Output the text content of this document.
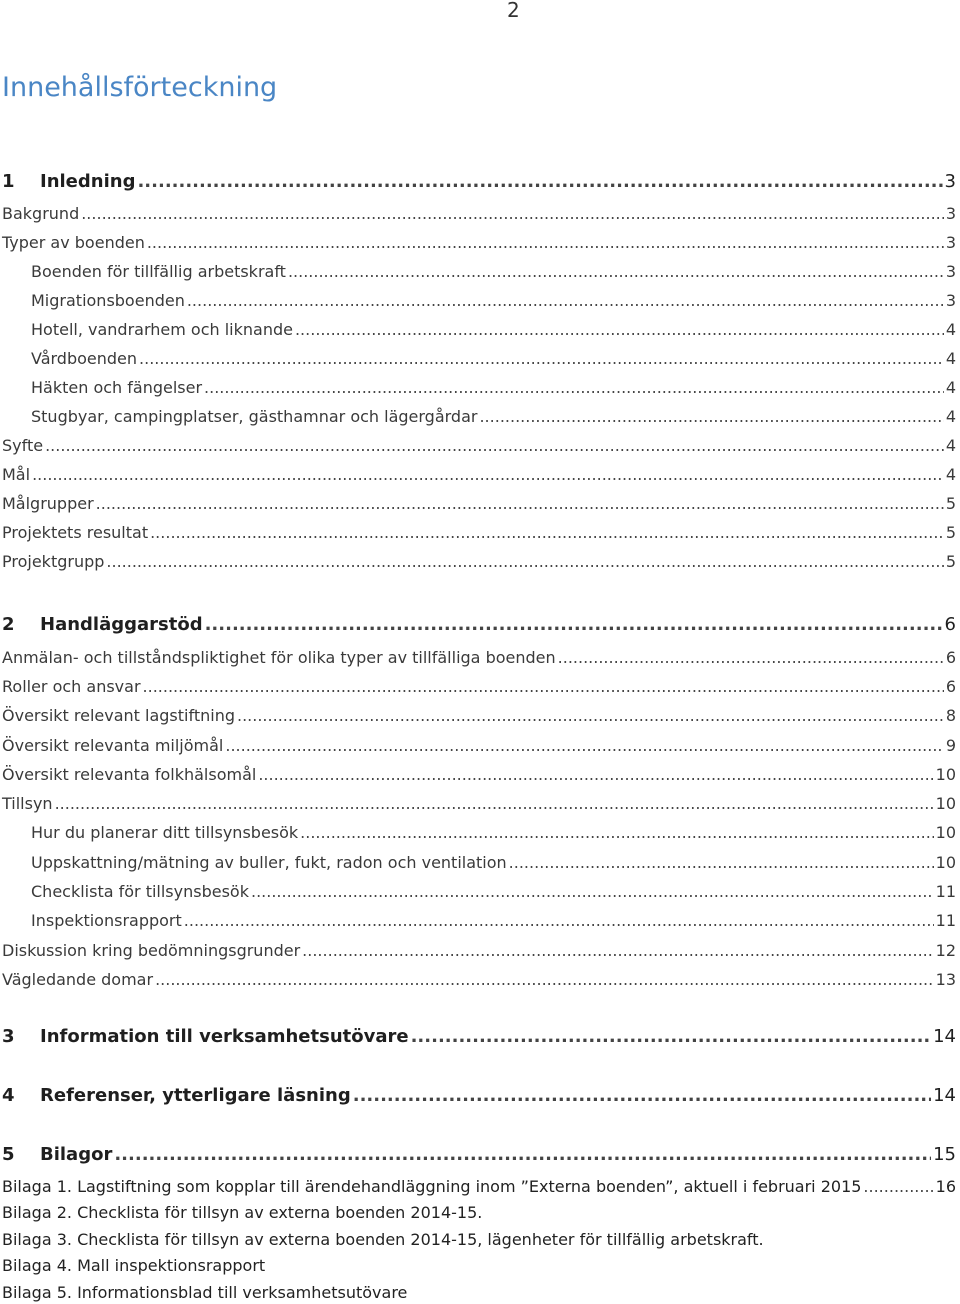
2
Innehållsförteckning
1	Inledning .....	3
Bakgrund .....	3
Typer av boenden .....	3
Boenden för tillfällig arbetskraft .....	3
Migrationsboenden .....	3
Hotell, vandrarhem och liknande .....	4
Vårdboenden .....	4
Häkten och fängelser .....	4
Stugbyar, campingplatser, gästhamnar och lägergårdar .....	4
Syfte .....	4
Mål .....	4
Målgrupper .....	5
Projektets resultat .....	5
Projektgrupp .....	5
2	Handläggarstöd .....	6
Anmälan- och tillståndspliktighet för olika typer av tillfälliga boenden .....	6
Roller och ansvar .....	6
Översikt relevant lagstiftning .....	8
Översikt relevanta miljömål .....	9
Översikt relevanta folkhälsomål .....	10
Tillsyn .....	10
Hur du planerar ditt tillsynsbesök .....	10
Uppskattning/mätning av buller, fukt, radon och ventilation .....	10
Checklista för tillsynsbesök .....	11
Inspektionsrapport .....	11
Diskussion kring bedömningsgrunder .....	12
Vägledande domar .....	13
3	Information till verksamhetsutövare .....	14
4	Referenser, ytterligare läsning .....	14
5	Bilagor .....	15
Bilaga 1. Lagstiftning som kopplar till ärendehandläggning inom ”Externa boenden”, aktuell i februari 2015 .....	16
Bilaga 2. Checklista för tillsyn av externa boenden 2014-15.
Bilaga 3. Checklista för tillsyn av externa boenden 2014-15, lägenheter för tillfällig arbetskraft.
Bilaga 4. Mall inspektionsrapport
Bilaga 5. Informationsblad till verksamhetsutövare
